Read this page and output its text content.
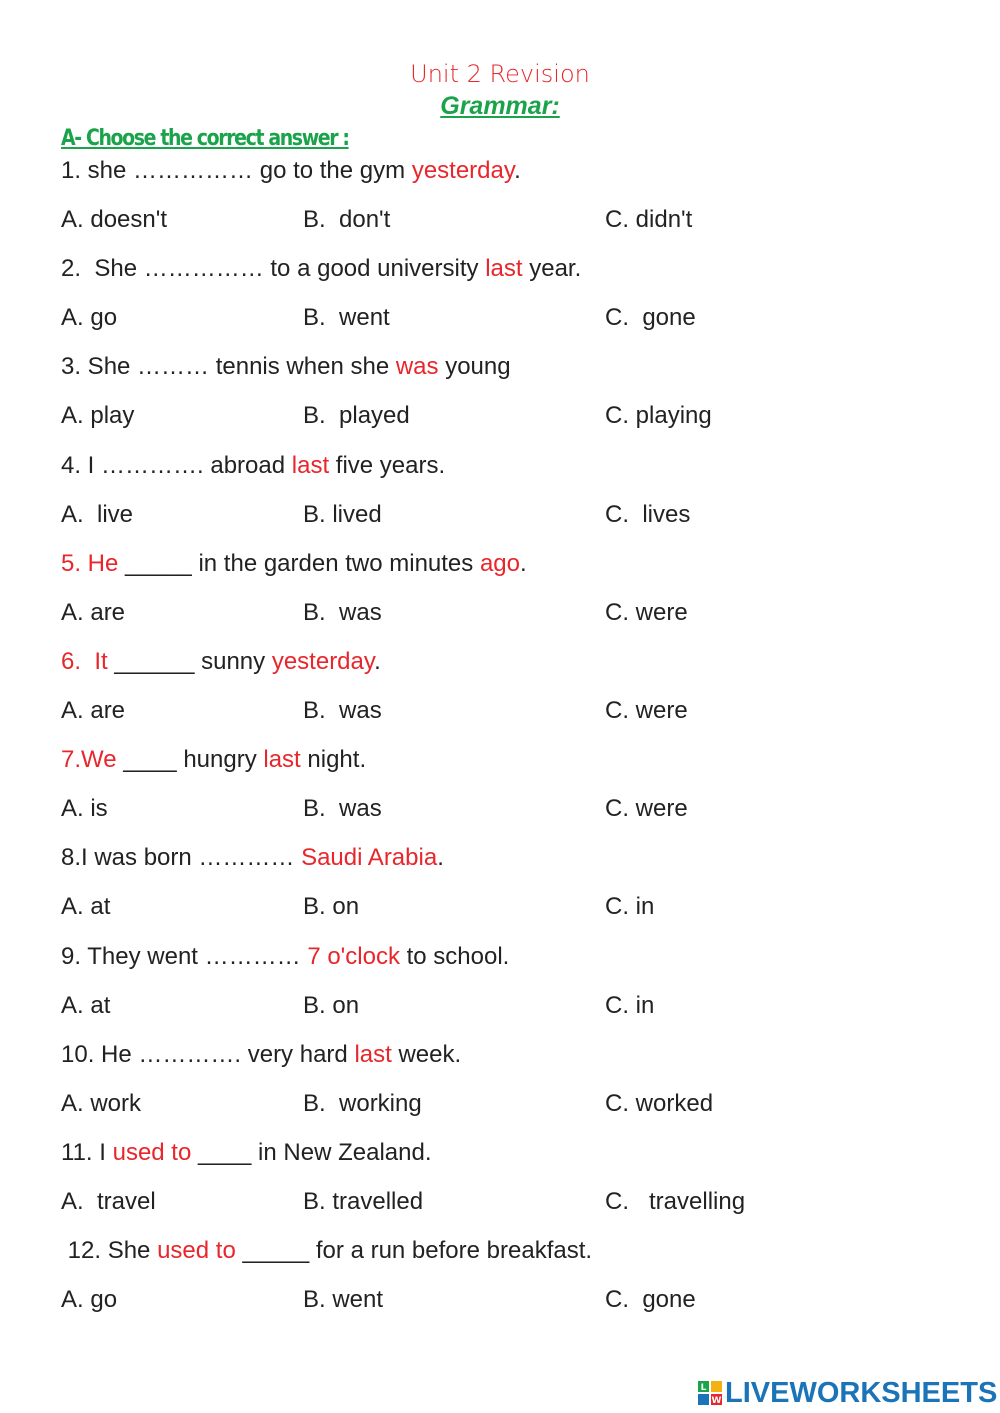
Unit 2 Revision
Grammar:
A- Choose the correct answer :
1. she …………… go to the gym yesterday.
A. doesn't	B.  don't	C. didn't
2.  She …………… to a good university last year.
A. go	B.  went	C.  gone
3. She ……… tennis when she was young
A. play	B.  played	C. playing
4. I …………. abroad last five years.
A.  live	B. lived	C.  lives
5. He _____ in the garden two minutes ago.
A. are	B.  was	C. were
6.  It ______ sunny yesterday.
A. are	B.  was	C. were
7.We ____ hungry last night.
A. is	B.  was	C. were
8.I was born ………… Saudi Arabia.
A. at	B. on	C. in
9. They went ………… 7 o'clock to school.
A. at	B. on	C. in
10. He …………. very hard last week.
A. work	B.  working	C. worked
11. I used to ____ in New Zealand.
A.  travel	B. travelled	C.   travelling
12. She used to _____ for a run before breakfast.
A. go	B. went	C.  gone
L
W LIVEWORKSHEETS
